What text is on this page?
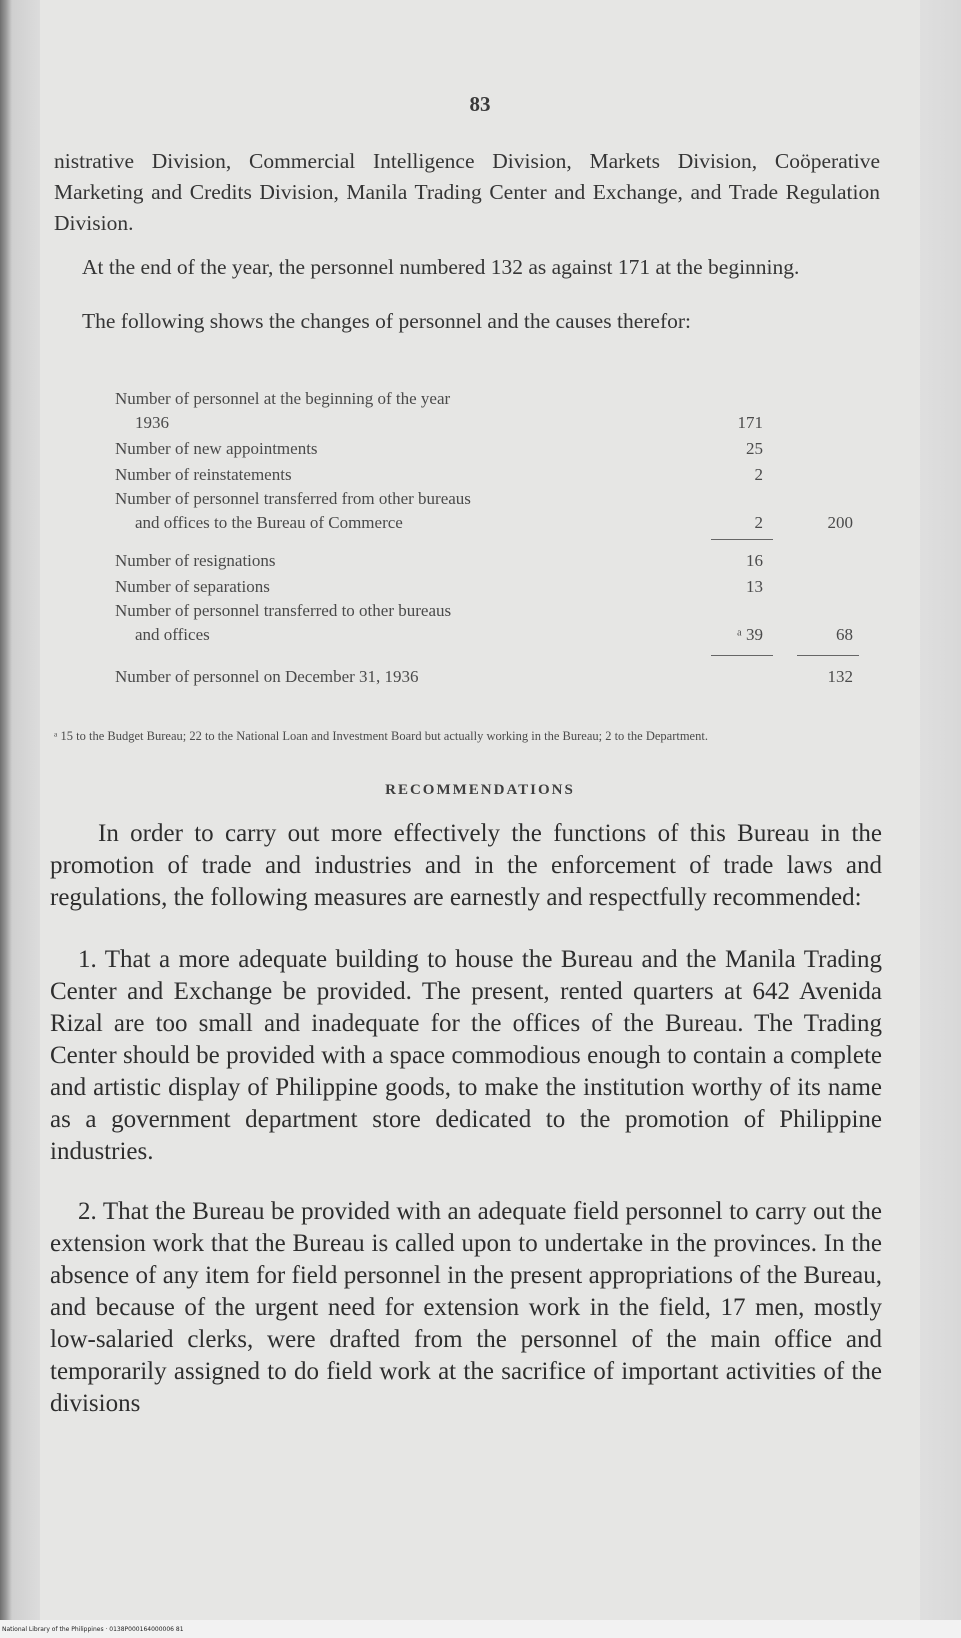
83
nistrative Division, Commercial Intelligence Division, Markets Division, Coöperative Marketing and Credits Division, Manila Trading Center and Exchange, and Trade Regulation Division.
At the end of the year, the personnel numbered 132 as against 171 at the beginning.
The following shows the changes of personnel and the causes therefor:
Number of personnel at the beginning of the year
1936	171
Number of new appointments	25
Number of reinstatements	2
Number of personnel transferred from other bureaus
and offices to the Bureau of Commerce	2	200
Number of resignations	16
Number of separations	13
Number of personnel transferred to other bureaus
and offices	ᵃ 39	68
Number of personnel on December 31, 1936	132
ᵃ 15 to the Budget Bureau; 22 to the National Loan and Investment Board but actually working in the Bureau; 2 to the Department.
RECOMMENDATIONS
In order to carry out more effectively the functions of this Bureau in the promotion of trade and industries and in the enforcement of trade laws and regulations, the following measures are earnestly and respectfully recommended:
1. That a more adequate building to house the Bureau and the Manila Trading Center and Exchange be provided. The present, rented quarters at 642 Avenida Rizal are too small and inadequate for the offices of the Bureau. The Trading Center should be provided with a space commodious enough to contain a complete and artistic display of Philippine goods, to make the institution worthy of its name as a government department store dedicated to the promotion of Philippine industries.
2. That the Bureau be provided with an adequate field personnel to carry out the extension work that the Bureau is called upon to undertake in the provinces. In the absence of any item for field personnel in the present appropriations of the Bureau, and because of the urgent need for extension work in the field, 17 men, mostly low-salaried clerks, were drafted from the personnel of the main office and temporarily assigned to do field work at the sacrifice of important activities of the divisions
National Library of the Philippines · 0138P000164000006 81
